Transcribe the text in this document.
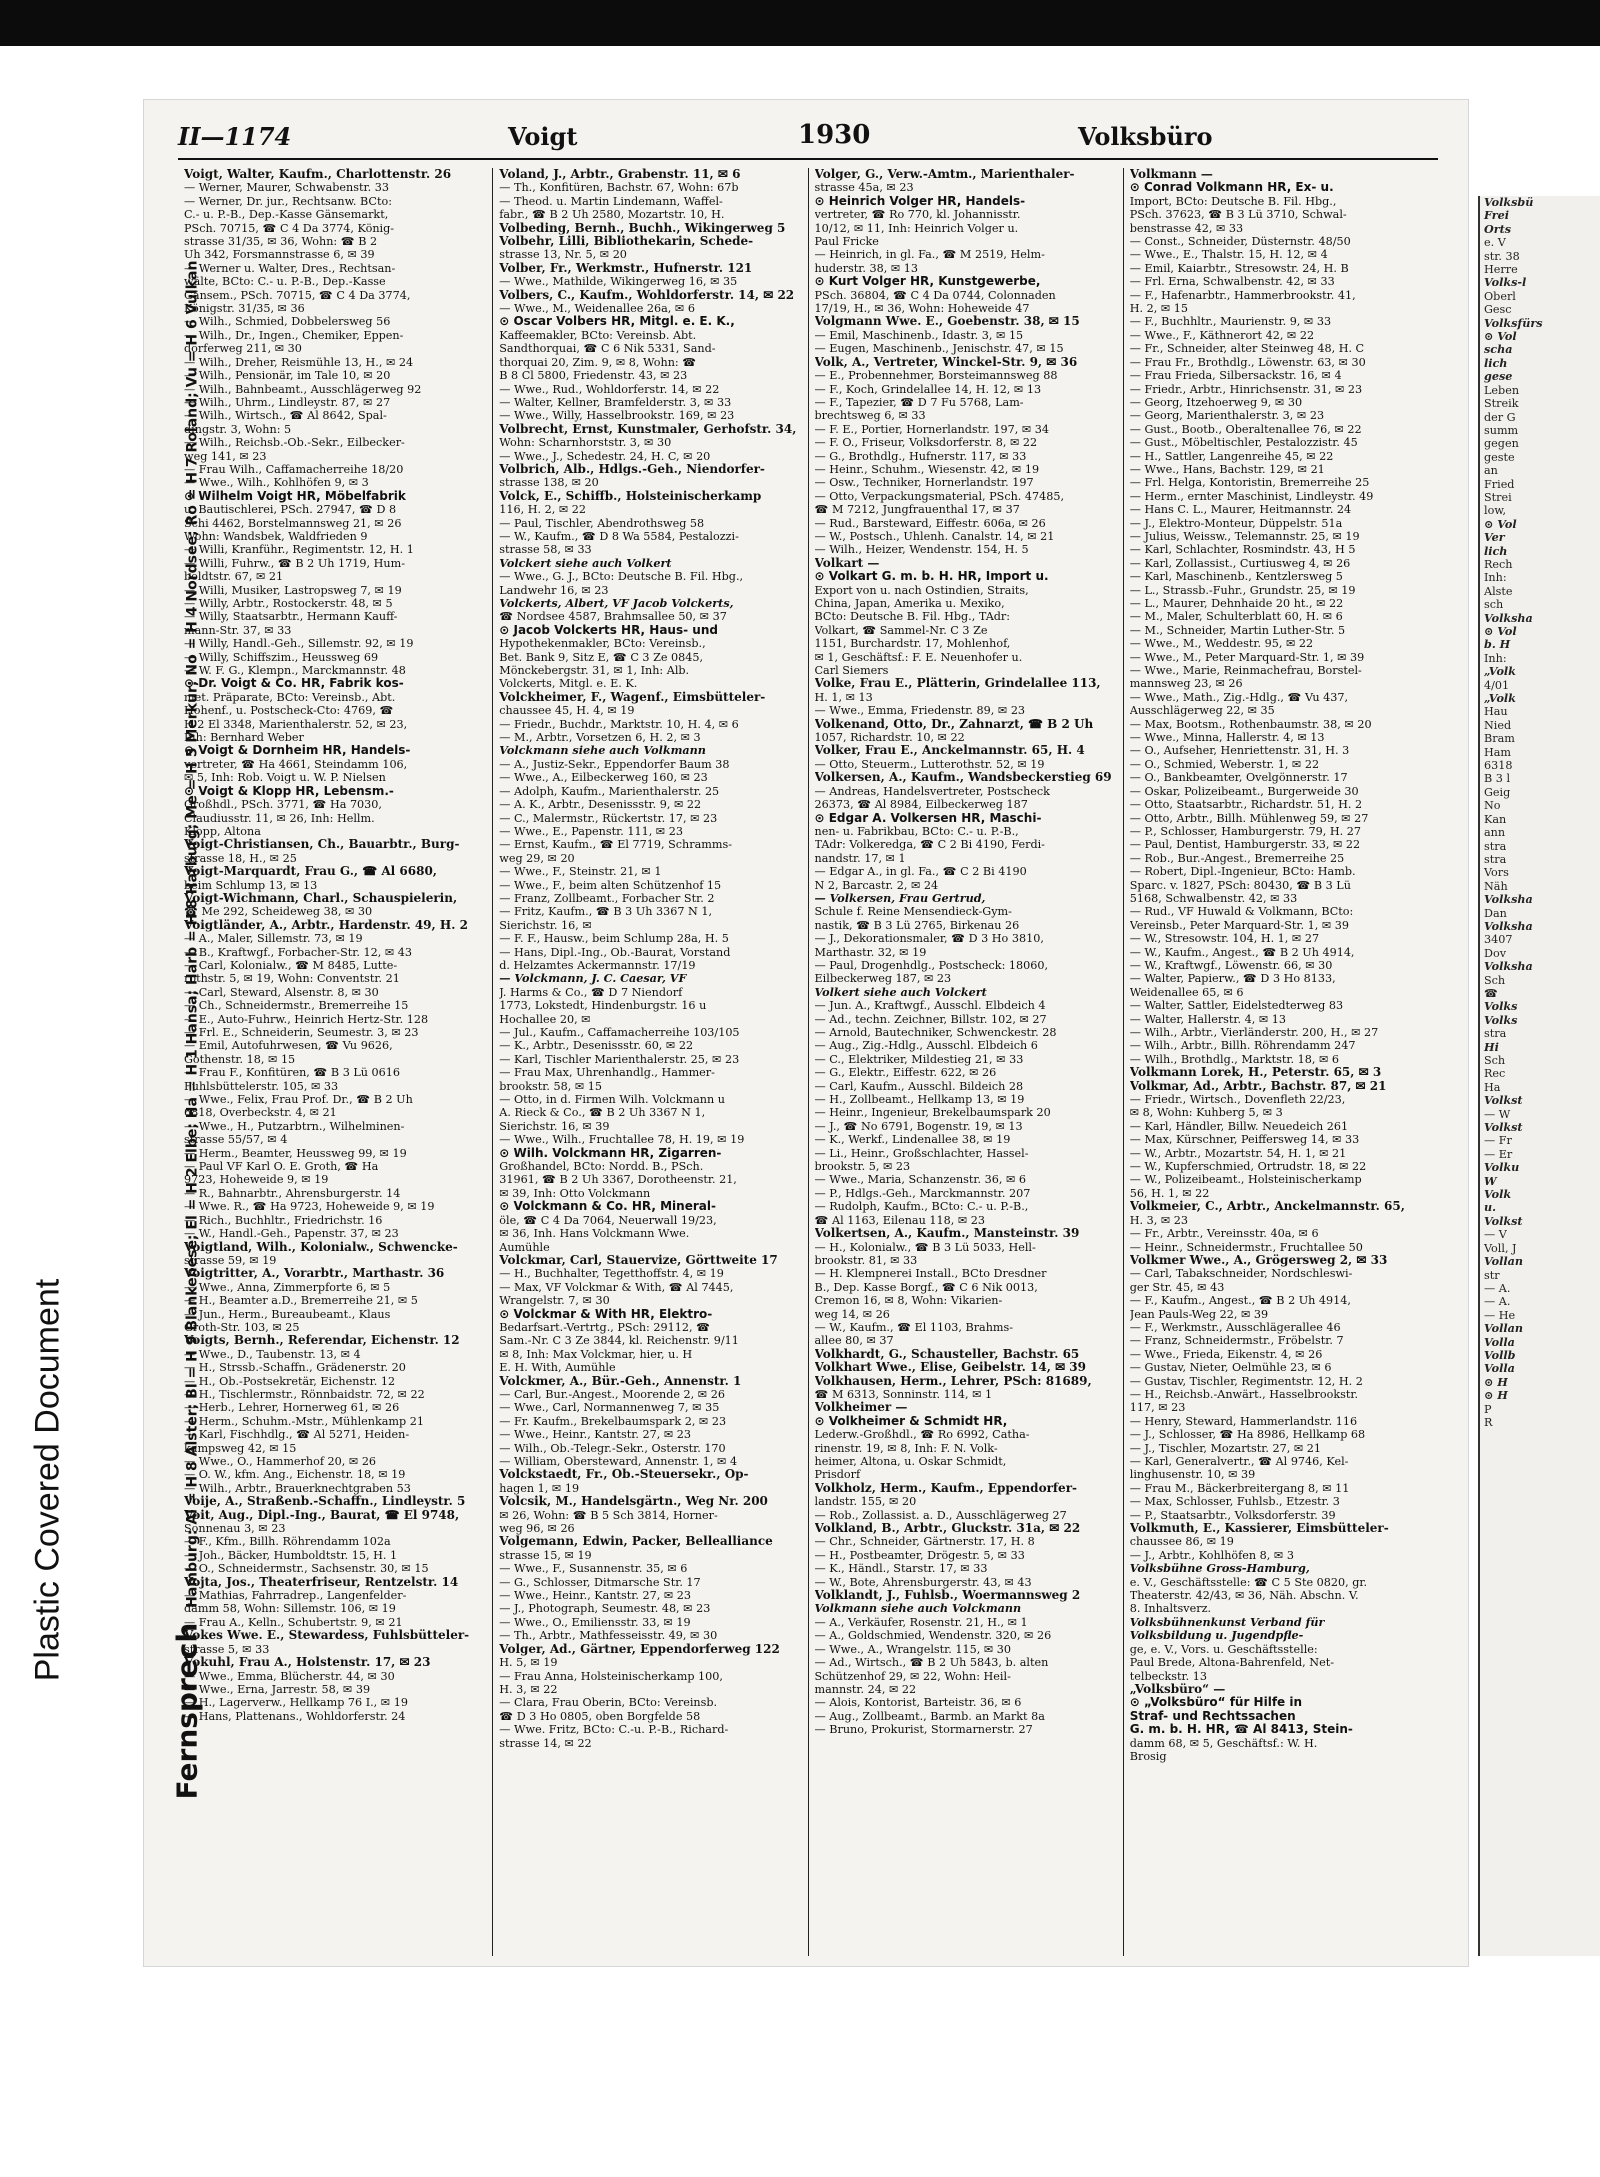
II—1174	Voigt	1930	Volksbüro
Voigt, Walter, Kaufm., Charlottenstr. 26
— Werner, Maurer, Schwabenstr. 33
— Werner, Dr. jur., Rechtsanw. BCto:
C.- u. P.-B., Dep.-Kasse Gänsemarkt,
PSch. 70715, ☎ C 4 Da 3774, König-
strasse 31/35, ✉ 36, Wohn: ☎ B 2
Uh 342, Forsmannstrasse 6, ✉ 39
— Werner u. Walter, Dres., Rechtsan-
wälte, BCto: C.- u. P.-B., Dep.-Kasse
Gänsem., PSch. 70715, ☎ C 4 Da 3774,
Königstr. 31/35, ✉ 36
— Wilh., Schmied, Dobbelersweg 56
— Wilh., Dr., Ingen., Chemiker, Eppen-
dorferweg 211, ✉ 30
— Wilh., Dreher, Reismühle 13, H., ✉ 24
— Wilh., Pensionär, im Tale 10, ✉ 20
— Wilh., Bahnbeamt., Ausschlägerweg 92
— Wilh., Uhrm., Lindleystr. 87, ✉ 27
— Wilh., Wirtsch., ☎ Al 8642, Spal-
dingstr. 3, Wohn: 5
— Wilh., Reichsb.-Ob.-Sekr., Eilbecker-
weg 141, ✉ 23
— Frau Wilh., Caffamacherreihe 18/20
— Wwe., Wilh., Kohlhöfen 9, ✉ 3
⊙ Wilhelm Voigt HR, Möbelfabrik
u. Bautischlerei, PSch. 27947, ☎ D 8
Schi 4462, Borstelmannsweg 21, ✉ 26
Wohn: Wandsbek, Waldfrieden 9
— Willi, Kranführ., Regimentstr. 12, H. 1
— Willi, Fuhrw., ☎ B 2 Uh 1719, Hum-
boldtstr. 67, ✉ 21
— Willi, Musiker, Lastropsweg 7, ✉ 19
— Willy, Arbtr., Rostockerstr. 48, ✉ 5
— Willy, Staatsarbtr., Hermann Kauff-
mann-Str. 37, ✉ 33
— Willy, Handl.-Geh., Sillemstr. 92, ✉ 19
— Willy, Schiffszim., Heussweg 69
— W. F. G., Klempn., Marckmannstr. 48
⊙ Dr. Voigt & Co. HR, Fabrik kos-
met. Präparate, BCto: Vereinsb., Abt.
Hohenf., u. Postscheck-Cto: 4769, ☎
H 2 El 3348, Marienthalerstr. 52, ✉ 23,
Inh: Bernhard Weber
⊙ Voigt & Dornheim HR, Handels-
vertreter, ☎ Ha 4661, Steindamm 106,
✉ 5, Inh: Rob. Voigt u. W. P. Nielsen
⊙ Voigt & Klopp HR, Lebensm.-
Großhdl., PSch. 3771, ☎ Ha 7030,
Claudiusstr. 11, ✉ 26, Inh: Hellm.
Klopp, Altona
Voigt-Christiansen, Ch., Bauarbtr., Burg-
strasse 18, H., ✉ 25
Voigt-Marquardt, Frau G., ☎ Al 6680,
beim Schlump 13, ✉ 13
Voigt-Wichmann, Charl., Schauspielerin,
☎ Me 292, Scheideweg 38, ✉ 30
Voigtländer, A., Arbtr., Hardenstr. 49, H. 2
— A., Maler, Sillemstr. 73, ✉ 19
— B., Kraftwgf., Forbacher-Str. 12, ✉ 43
— Carl, Kolonialw., ☎ M 8485, Lutte-
rothstr. 5, ✉ 19, Wohn: Conventstr. 21
— Carl, Steward, Alsenstr. 8, ✉ 30
— Ch., Schneidermstr., Bremerreihe 15
— E., Auto-Fuhrw., Heinrich Hertz-Str. 128
— Frl. E., Schneiderin, Seumestr. 3, ✉ 23
— Emil, Autofuhrwesen, ☎ Vu 9626,
Gothenstr. 18, ✉ 15
— Frau F., Konfitüren, ☎ B 3 Lü 0616
Fuhlsbüttelerstr. 105, ✉ 33
— Wwe., Felix, Frau Prof. Dr., ☎ B 2 Uh
6818, Overbeckstr. 4, ✉ 21
— Wwe., H., Putzarbtrn., Wilhelminen-
strasse 55/57, ✉ 4
— Herm., Beamter, Heussweg 99, ✉ 19
— Paul VF Karl O. E. Groth, ☎ Ha
9723, Hoheweide 9, ✉ 19
— R., Bahnarbtr., Ahrensburgerstr. 14
— Wwe. R., ☎ Ha 9723, Hoheweide 9, ✉ 19
— Rich., Buchhltr., Friedrichstr. 16
— W., Handl.-Geh., Papenstr. 37, ✉ 23
Voigtland, Wilh., Kolonialw., Schwencke-
strasse 59, ✉ 19
Voigtritter, A., Vorarbtr., Marthastr. 36
— Wwe., Anna, Zimmerpforte 6, ✉ 5
— H., Beamter a.D., Bremerreihe 21, ✉ 5
— Jun., Herm., Bureaubeamt., Klaus
Groth-Str. 103, ✉ 25
Voigts, Bernh., Referendar, Eichenstr. 12
— Wwe., D., Taubenstr. 13, ✉ 4
— H., Strssb.-Schaffn., Grädenerstr. 20
— H., Ob.-Postsekretär, Eichenstr. 12
— H., Tischlermstr., Rönnbaidstr. 72, ✉ 22
— Herb., Lehrer, Hornerweg 61, ✉ 26
— Herm., Schuhm.-Mstr., Mühlenkamp 21
— Karl, Fischhdlg., ☎ Al 5271, Heiden-
kampsweg 42, ✉ 15
— Wwe., O., Hammerhof 20, ✉ 26
— O. W., kfm. Ang., Eichenstr. 18, ✉ 19
— Wilh., Arbtr., Brauerknechtgraben 53
Voije, A., Straßenb.-Schaffn., Lindleystr. 5
Voit, Aug., Dipl.-Ing., Baurat, ☎ El 9748,
Sonnenau 3, ✉ 23
— F., Kfm., Billh. Röhrendamm 102a
— Joh., Bäcker, Humboldtstr. 15, H. 1
— O., Schneidermstr., Sachsenstr. 30, ✉ 15
Vojta, Jos., Theaterfriseur, Rentzelstr. 14
— Mathias, Fahrradrep., Langenfelder-
damm 58, Wohn: Sillemstr. 106, ✉ 19
— Frau A., Kelln., Schubertstr. 9, ✉ 21
Vokes Wwe. E., Stewardess, Fuhlsbütteler-
strasse 5, ✉ 33
Vokuhl, Frau A., Holstenstr. 17, ✉ 23
— Wwe., Emma, Blücherstr. 44, ✉ 30
— Wwe., Erna, Jarrestr. 58, ✉ 39
— H., Lagerverw., Hellkamp 76 I., ✉ 19
— Hans, Plattenans., Wohldorferstr. 24
Voland, J., Arbtr., Grabenstr. 11, ✉ 6
— Th., Konfitüren, Bachstr. 67, Wohn: 67b
— Theod. u. Martin Lindemann, Waffel-
fabr., ☎ B 2 Uh 2580, Mozartstr. 10, H.
Volbeding, Bernh., Buchh., Wikingerweg 5
Volbehr, Lilli, Bibliothekarin, Schede-
strasse 13, Nr. 5, ✉ 20
Volber, Fr., Werkmstr., Hufnerstr. 121
— Wwe., Mathilde, Wikingerweg 16, ✉ 35
Volbers, C., Kaufm., Wohldorferstr. 14, ✉ 22
— Wwe., M., Weidenallee 26a, ✉ 6
⊙ Oscar Volbers HR, Mitgl. e. E. K.,
Kaffeemakler, BCto: Vereinsb. Abt.
Sandthorquai, ☎ C 6 Nik 5331, Sand-
thorquai 20, Zim. 9, ✉ 8, Wohn: ☎
B 8 Cl 5800, Friedenstr. 43, ✉ 23
— Wwe., Rud., Wohldorferstr. 14, ✉ 22
— Walter, Kellner, Bramfelderstr. 3, ✉ 33
— Wwe., Willy, Hasselbrookstr. 169, ✉ 23
Volbrecht, Ernst, Kunstmaler, Gerhofstr. 34,
Wohn: Scharnhorststr. 3, ✉ 30
— Wwe., J., Schedestr. 24, H. C, ✉ 20
Volbrich, Alb., Hdlgs.-Geh., Niendorfer-
strasse 138, ✉ 20
Volck, E., Schiffb., Holsteinischerkamp
116, H. 2, ✉ 22
— Paul, Tischler, Abendrothsweg 58
— W., Kaufm., ☎ D 8 Wa 5584, Pestalozzi-
strasse 58, ✉ 33
Volckert siehe auch Volkert
— Wwe., G. J., BCto: Deutsche B. Fil. Hbg.,
Landwehr 16, ✉ 23
Volckerts, Albert, VF Jacob Volckerts,
☎ Nordsee 4587, Brahmsallee 50, ✉ 37
⊙ Jacob Volckerts HR, Haus- und
Hypothekenmakler, BCto: Vereinsb.,
Bet. Bank 9, Sitz E, ☎ C 3 Ze 0845,
Mönckebergstr. 31, ✉ 1, Inh: Alb.
Volckerts, Mitgl. e. E. K.
Volckheimer, F., Wagenf., Eimsbütteler-
chaussee 45, H. 4, ✉ 19
— Friedr., Buchdr., Marktstr. 10, H. 4, ✉ 6
— M., Arbtr., Vorsetzen 6, H. 2, ✉ 3
Volckmann siehe auch Volkmann
— A., Justiz-Sekr., Eppendorfer Baum 38
— Wwe., A., Eilbeckerweg 160, ✉ 23
— Adolph, Kaufm., Marienthalerstr. 25
— A. K., Arbtr., Desenissstr. 9, ✉ 22
— C., Malermstr., Rückertstr. 17, ✉ 23
— Wwe., E., Papenstr. 111, ✉ 23
— Ernst, Kaufm., ☎ El 7719, Schramms-
weg 29, ✉ 20
— Wwe., F., Steinstr. 21, ✉ 1
— Wwe., F., beim alten Schützenhof 15
— Franz, Zollbeamt., Forbacher Str. 2
— Fritz, Kaufm., ☎ B 3 Uh 3367 N 1,
Sierichstr. 16, ✉
— F. F., Hausw., beim Schlump 28a, H. 5
— Hans, Dipl.-Ing., Ob.-Baurat, Vorstand
d. Helzamtes Ackermannstr. 17/19
— Volckmann, J. C. Caesar, VF
J. Harms & Co., ☎ D 7 Niendorf
1773, Lokstedt, Hindenburgstr. 16 u
Hochallee 20, ✉
— Jul., Kaufm., Caffamacherreihe 103/105
— K., Arbtr., Desenissstr. 60, ✉ 22
— Karl, Tischler Marienthalerstr. 25, ✉ 23
— Frau Max, Uhrenhandlg., Hammer-
brookstr. 58, ✉ 15
— Otto, in d. Firmen Wilh. Volckmann u
A. Rieck & Co., ☎ B 2 Uh 3367 N 1,
Sierichstr. 16, ✉ 39
— Wwe., Wilh., Fruchtallee 78, H. 19, ✉ 19
⊙ Wilh. Volckmann HR, Zigarren-
Großhandel, BCto: Nordd. B., PSch.
31961, ☎ B 2 Uh 3367, Dorotheenstr. 21,
✉ 39, Inh: Otto Volckmann
⊙ Volckmann & Co. HR, Mineral-
öle, ☎ C 4 Da 7064, Neuerwall 19/23,
✉ 36, Inh. Hans Volckmann Wwe.
Aumühle
Volckmar, Carl, Stauervize, Görttweite 17
— H., Buchhalter, Tegetthoffstr. 4, ✉ 19
— Max, VF Volckmar & With, ☎ Al 7445,
Wrangelstr. 7, ✉ 30
⊙ Volckmar & With HR, Elektro-
Bedarfsart.-Vertrtg., PSch: 29112, ☎
Sam.-Nr. C 3 Ze 3844, kl. Reichenstr. 9/11
✉ 8, Inh: Max Volckmar, hier, u. H
E. H. With, Aumühle
Volckmer, A., Bür.-Geh., Annenstr. 1
— Carl, Bur.-Angest., Moorende 2, ✉ 26
— Wwe., Carl, Normannenweg 7, ✉ 35
— Fr. Kaufm., Brekelbaumspark 2, ✉ 23
— Wwe., Heinr., Kantstr. 27, ✉ 23
— Wilh., Ob.-Telegr.-Sekr., Osterstr. 170
— William, Obersteward, Annenstr. 1, ✉ 4
Volckstaedt, Fr., Ob.-Steuersekr., Op-
hagen 1, ✉ 19
Volcsik, M., Handelsgärtn., Weg Nr. 200
✉ 26, Wohn: ☎ B 5 Sch 3814, Horner-
weg 96, ✉ 26
Volgemann, Edwin, Packer, Bellealliance
strasse 15, ✉ 19
— Wwe., F., Susannenstr. 35, ✉ 6
— G., Schlosser, Ditmarsche Str. 17
— Wwe., Heinr., Kantstr. 27, ✉ 23
— J., Photograph, Seumestr. 48, ✉ 23
— Wwe., O., Emiliensstr. 33, ✉ 19
— Th., Arbtr., Mathfesseisstr. 49, ✉ 30
Volger, Ad., Gärtner, Eppendorferweg 122
H. 5, ✉ 19
— Frau Anna, Holsteinischerkamp 100,
H. 3, ✉ 22
— Clara, Frau Oberin, BCto: Vereinsb.
☎ D 3 Ho 0805, oben Borgfelde 58
— Wwe. Fritz, BCto: C.-u. P.-B., Richard-
strasse 14, ✉ 22
Volger, G., Verw.-Amtm., Marienthaler-
strasse 45a, ✉ 23
⊙ Heinrich Volger HR, Handels-
vertreter, ☎ Ro 770, kl. Johannisstr.
10/12, ✉ 11, Inh: Heinrich Volger u.
Paul Fricke
— Heinrich, in gl. Fa., ☎ M 2519, Helm-
huderstr. 38, ✉ 13
⊙ Kurt Volger HR, Kunstgewerbe,
PSch. 36804, ☎ C 4 Da 0744, Colonnaden
17/19, H., ✉ 36, Wohn: Hoheweide 47
Volgmann Wwe. E., Goebenstr. 38, ✉ 15
— Emil, Maschinenb., Idastr. 3, ✉ 15
— Eugen, Maschinenb., Jenischstr. 47, ✉ 15
Volk, A., Vertreter, Winckel-Str. 9, ✉ 36
— E., Probennehmer, Borsteimannsweg 88
— F., Koch, Grindelallee 14, H. 12, ✉ 13
— F., Tapezier, ☎ D 7 Fu 5768, Lam-
brechtsweg 6, ✉ 33
— F. E., Portier, Hornerlandstr. 197, ✉ 34
— F. O., Friseur, Volksdorferstr. 8, ✉ 22
— G., Brothdlg., Hufnerstr. 117, ✉ 33
— Heinr., Schuhm., Wiesenstr. 42, ✉ 19
— Osw., Techniker, Hornerlandstr. 197
— Otto, Verpackungsmaterial, PSch. 47485,
☎ M 7212, Jungfrauenthal 17, ✉ 37
— Rud., Barsteward, Eiffestr. 606a, ✉ 26
— W., Postsch., Uhlenh. Canalstr. 14, ✉ 21
— Wilh., Heizer, Wendenstr. 154, H. 5
Volkart —
⊙ Volkart G. m. b. H. HR, Import u.
Export von u. nach Ostindien, Straits,
China, Japan, Amerika u. Mexiko,
BCto: Deutsche B. Fil. Hbg., TAdr:
Volkart, ☎ Sammel-Nr. C 3 Ze
1151, Burchardstr. 17, Mohlenhof,
✉ 1, Geschäftsf.: F. E. Neuenhofer u.
Carl Siemers
Volke, Frau E., Plätterin, Grindelallee 113,
H. 1, ✉ 13
— Wwe., Emma, Friedenstr. 89, ✉ 23
Volkenand, Otto, Dr., Zahnarzt, ☎ B 2 Uh
1057, Richardstr. 10, ✉ 22
Volker, Frau E., Anckelmannstr. 65, H. 4
— Otto, Steuerm., Lutterothstr. 52, ✉ 19
Volkersen, A., Kaufm., Wandsbeckerstieg 69
— Andreas, Handelsvertreter, Postscheck
26373, ☎ Al 8984, Eilbeckerweg 187
⊙ Edgar A. Volkersen HR, Maschi-
nen- u. Fabrikbau, BCto: C.- u. P.-B.,
TAdr: Volkeredga, ☎ C 2 Bi 4190, Ferdi-
nandstr. 17, ✉ 1
— Edgar A., in gl. Fa., ☎ C 2 Bi 4190
N 2, Barcastr. 2, ✉ 24
— Volkersen, Frau Gertrud,
Schule f. Reine Mensendieck-Gym-
nastik, ☎ B 3 Lü 2765, Birkenau 26
— J., Dekorationsmaler, ☎ D 3 Ho 3810,
Marthastr. 32, ✉ 19
— Paul, Drogenhdlg., Postscheck: 18060,
Eilbeckerweg 187, ✉ 23
Volkert siehe auch Volckert
— Jun. A., Kraftwgf., Ausschl. Elbdeich 4
— Ad., techn. Zeichner, Billstr. 102, ✉ 27
— Arnold, Bautechniker, Schwenckestr. 28
— Aug., Zig.-Hdlg., Ausschl. Elbdeich 6
— C., Elektriker, Mildestieg 21, ✉ 33
— G., Elektr., Eiffestr. 622, ✉ 26
— Carl, Kaufm., Ausschl. Bildeich 28
— H., Zollbeamt., Hellkamp 13, ✉ 19
— Heinr., Ingenieur, Brekelbaumspark 20
— J., ☎ No 6791, Bogenstr. 19, ✉ 13
— K., Werkf., Lindenallee 38, ✉ 19
— Li., Heinr., Großschlachter, Hassel-
brookstr. 5, ✉ 23
— Wwe., Maria, Schanzenstr. 36, ✉ 6
— P., Hdlgs.-Geh., Marckmannstr. 207
— Rudolph, Kaufm., BCto: C.- u. P.-B.,
☎ Al 1163, Eilenau 118, ✉ 23
Volkertsen, A., Kaufm., Mansteinstr. 39
— H., Kolonialw., ☎ B 3 Lü 5033, Hell-
brookstr. 81, ✉ 33
— H. Klempnerei Install., BCto Dresdner
B., Dep. Kasse Borgf., ☎ C 6 Nik 0013,
Cremon 16, ✉ 8, Wohn: Vikarien-
weg 14, ✉ 26
— W., Kaufm., ☎ El 1103, Brahms-
allee 80, ✉ 37
Volkhardt, G., Schausteller, Bachstr. 65
Volkhart Wwe., Elise, Geibelstr. 14, ✉ 39
Volkhausen, Herm., Lehrer, PSch: 81689,
☎ M 6313, Sonninstr. 114, ✉ 1
Volkheimer —
⊙ Volkheimer & Schmidt HR,
Lederw.-Großhdl., ☎ Ro 6992, Catha-
rinenstr. 19, ✉ 8, Inh: F. N. Volk-
heimer, Altona, u. Oskar Schmidt,
Prisdorf
Volkholz, Herm., Kaufm., Eppendorfer-
landstr. 155, ✉ 20
— Rob., Zollassist. a. D., Ausschlägerweg 27
Volkland, B., Arbtr., Gluckstr. 31a, ✉ 22
— Chr., Schneider, Gärtnerstr. 17, H. 8
— H., Postbeamter, Drögestr. 5, ✉ 33
— K., Händl., Starstr. 17, ✉ 33
— W., Bote, Ahrensburgerstr. 43, ✉ 43
Volklandt, J., Fuhlsb., Woermannsweg 2
Volkmann siehe auch Volckmann
— A., Verkäufer, Rosenstr. 21, H., ✉ 1
— A., Goldschmied, Wendenstr. 320, ✉ 26
— Wwe., A., Wrangelstr. 115, ✉ 30
— Ad., Wirtsch., ☎ B 2 Uh 5843, b. alten
Schützenhof 29, ✉ 22, Wohn: Heil-
mannstr. 24, ✉ 22
— Alois, Kontorist, Barteistr. 36, ✉ 6
— Aug., Zollbeamt., Barmb. an Markt 8a
— Bruno, Prokurist, Stormarnerstr. 27
Volkmann —
⊙ Conrad Volkmann HR, Ex- u.
Import, BCto: Deutsche B. Fil. Hbg.,
PSch. 37623, ☎ B 3 Lü 3710, Schwal-
benstrasse 42, ✉ 33
— Const., Schneider, Düsternstr. 48/50
— Wwe., E., Thalstr. 15, H. 12, ✉ 4
— Emil, Kaiarbtr., Stresowstr. 24, H. B
— Frl. Erna, Schwalbenstr. 42, ✉ 33
— F., Hafenarbtr., Hammerbrookstr. 41,
H. 2, ✉ 15
— F., Buchhltr., Maurienstr. 9, ✉ 33
— Wwe., F., Käthnerort 42, ✉ 22
— Fr., Schneider, alter Steinweg 48, H. C
— Frau Fr., Brothdlg., Löwenstr. 63, ✉ 30
— Frau Frieda, Silbersackstr. 16, ✉ 4
— Friedr., Arbtr., Hinrichsenstr. 31, ✉ 23
— Georg, Itzehoerweg 9, ✉ 30
— Georg, Marienthalerstr. 3, ✉ 23
— Gust., Bootb., Oberaltenallee 76, ✉ 22
— Gust., Möbeltischler, Pestalozzistr. 45
— H., Sattler, Langenreihe 45, ✉ 22
— Wwe., Hans, Bachstr. 129, ✉ 21
— Frl. Helga, Kontoristin, Bremerreihe 25
— Herm., ernter Maschinist, Lindleystr. 49
— Hans C. L., Maurer, Heitmannstr. 24
— J., Elektro-Monteur, Düppelstr. 51a
— Julius, Weissw., Telemannstr. 25, ✉ 19
— Karl, Schlachter, Rosmindstr. 43, H 5
— Karl, Zollassist., Curtiusweg 4, ✉ 26
— Karl, Maschinenb., Kentzlersweg 5
— L., Strassb.-Fuhr., Grundstr. 25, ✉ 19
— L., Maurer, Dehnhaide 20 ht., ✉ 22
— M., Maler, Schulterblatt 60, H. ✉ 6
— M., Schneider, Martin Luther-Str. 5
— Wwe., M., Weddestr. 95, ✉ 22
— Wwe., M., Peter Marquard-Str. 1, ✉ 39
— Wwe., Marie, Reinmachefrau, Borstel-
mannsweg 23, ✉ 26
— Wwe., Math., Zig.-Hdlg., ☎ Vu 437,
Ausschlägerweg 22, ✉ 35
— Max, Bootsm., Rothenbaumstr. 38, ✉ 20
— Wwe., Minna, Hallerstr. 4, ✉ 13
— O., Aufseher, Henriettenstr. 31, H. 3
— O., Schmied, Weberstr. 1, ✉ 22
— O., Bankbeamter, Ovelgönnerstr. 17
— Oskar, Polizeibeamt., Burgerweide 30
— Otto, Staatsarbtr., Richardstr. 51, H. 2
— Otto, Arbtr., Billh. Mühlenweg 59, ✉ 27
— P., Schlosser, Hamburgerstr. 79, H. 27
— Paul, Dentist, Hamburgerstr. 33, ✉ 22
— Rob., Bur.-Angest., Bremerreihe 25
— Robert, Dipl.-Ingenieur, BCto: Hamb.
Sparc. v. 1827, PSch: 80430, ☎ B 3 Lü
5168, Schwalbenstr. 42, ✉ 33
— Rud., VF Huwald & Volkmann, BCto:
Vereinsb., Peter Marquard-Str. 1, ✉ 39
— W., Stresowstr. 104, H. 1, ✉ 27
— W., Kaufm., Angest., ☎ B 2 Uh 4914,
— W., Kraftwgf., Löwenstr. 66, ✉ 30
— Walter, Papierw., ☎ D 3 Ho 8133,
Weidenallee 65, ✉ 6
— Walter, Sattler, Eidelstedterweg 83
— Walter, Hallerstr. 4, ✉ 13
— Wilh., Arbtr., Vierländerstr. 200, H., ✉ 27
— Wilh., Arbtr., Billh. Röhrendamm 247
— Wilh., Brothdlg., Marktstr. 18, ✉ 6
Volkmann Lorek, H., Peterstr. 65, ✉ 3
Volkmar, Ad., Arbtr., Bachstr. 87, ✉ 21
— Friedr., Wirtsch., Dovenfleth 22/23,
✉ 8, Wohn: Kuhberg 5, ✉ 3
— Karl, Händler, Billw. Neuedeich 261
— Max, Kürschner, Peiffersweg 14, ✉ 33
— W., Arbtr., Mozartstr. 54, H. 1, ✉ 21
— W., Kupferschmied, Ortrudstr. 18, ✉ 22
— W., Polizeibeamt., Holsteinischerkamp
56, H. 1, ✉ 22
Volkmeier, C., Arbtr., Anckelmannstr. 65,
H. 3, ✉ 23
— Fr., Arbtr., Vereinsstr. 40a, ✉ 6
— Heinr., Schneidermstr., Fruchtallee 50
Volkmer Wwe., A., Grögersweg 2, ✉ 33
— Carl, Tabakschneider, Nordschleswi-
ger Str. 45, ✉ 43
— F., Kaufm., Angest., ☎ B 2 Uh 4914,
Jean Pauls-Weg 22, ✉ 39
— F., Werkmstr., Ausschlägerallee 46
— Franz, Schneidermstr., Fröbelstr. 7
— Wwe., Frieda, Eikenstr. 4, ✉ 26
— Gustav, Nieter, Oelmühle 23, ✉ 6
— Gustav, Tischler, Regimentstr. 12, H. 2
— H., Reichsb.-Anwärt., Hasselbrookstr.
117, ✉ 23
— Henry, Steward, Hammerlandstr. 116
— J., Schlosser, ☎ Ha 8986, Hellkamp 68
— J., Tischler, Mozartstr. 27, ✉ 21
— Karl, Generalvertr., ☎ Al 9746, Kel-
linghusenstr. 10, ✉ 39
— Frau M., Bäckerbreitergang 8, ✉ 11
— Max, Schlosser, Fuhlsb., Etzestr. 3
— P., Staatsarbtr., Volksdorferstr. 39
Volkmuth, E., Kassierer, Eimsbütteler-
chaussee 86, ✉ 19
— J., Arbtr., Kohlhöfen 8, ✉ 3
Volksbühne Gross-Hamburg,
e. V., Geschäftsstelle: ☎ C 5 Ste 0820, gr.
Theaterstr. 42/43, ✉ 36, Näh. Abschn. V.
8. Inhaltsverz.
Volksbühnenkunst Verband für
Volksbildung u. Jugendpfle-
ge, e. V., Vors. u. Geschäftsstelle:
Paul Brede, Altona-Bahrenfeld, Net-
telbeckstr. 13
„Volksbüro“ —
⊙ „Volksbüro“ für Hilfe in
Straf- und Rechtssachen
G. m. b. H. HR, ☎ Al 8413, Stein-
damm 68, ✉ 5, Geschäftsf.: W. H.
Brosig
Fernsprech Hamburg: Al = H 8 Alster; Bl = H 9 Blankenese; El = H 2 Elbe; Ha = H 1 Hansa; Harb = H 8 Harburg; Me = H 5 Merkur; No = H 4 Nordsee; Ro = H 7 Roland; Vu = H 6 Vulkan
Volksbü
Frei
Orts
e. V
str. 38
Herre
Volks-l
Oberl
Gesc
Volksfürs
⊙ Vol
scha
lich
gese
Leben
Streik
der G
summ
gegen
geste
an
Fried
Strei
low,
⊙ Vol
Ver
lich
Rech
Inh:
Alste
sch
Volksha
⊙ Vol
b. H
Inh:
„Volk
4/01
„Volk
Hau
Nied
Bram
Ham
6318
B 3 l
Geig
No
Kan
ann
stra
stra
Vors
Näh
Volksha
Dan
Volksha
3407
Dov
Volksha
Sch
☎
Volks
Volks
stra
Hi
Sch
Rec
Ha
Volkst
— W
Volkst
— Fr
— Er
Volku
W
Volk
u.
Volkst
— V
Voll, J
Vollan
str
— A.
— A.
— He
Vollan
Volla
Vollb
Volla
⊙ H
⊙ H
P
R
Plastic Covered Document
